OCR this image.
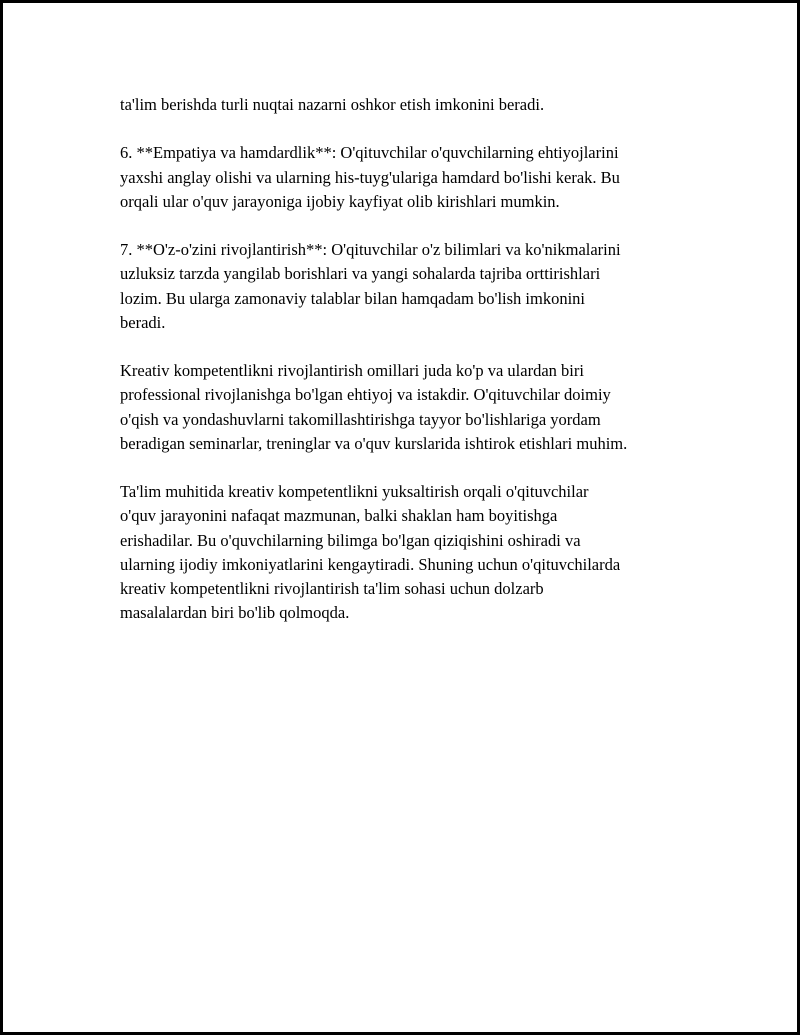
ta'lim berishda turli nuqtai nazarni oshkor etish imkonini beradi.

6. **Empatiya va hamdardlik**: O'qituvchilar o'quvchilarning ehtiyojlarini
yaxshi anglay olishi va ularning his-tuyg'ulariga hamdard bo'lishi kerak. Bu
orqali ular o'quv jarayoniga ijobiy kayfiyat olib kirishlari mumkin.

7. **O'z-o'zini rivojlantirish**: O'qituvchilar o'z bilimlari va ko'nikmalarini
uzluksiz tarzda yangilab borishlari va yangi sohalarda tajriba orttirishlari
lozim. Bu ularga zamonaviy talablar bilan hamqadam bo'lish imkonini
beradi.

Kreativ kompetentlikni rivojlantirish omillari juda ko'p va ulardan biri
professional rivojlanishga bo'lgan ehtiyoj va istakdir. O'qituvchilar doimiy
o'qish va yondashuvlarni takomillashtirishga tayyor bo'lishlariga yordam
beradigan seminarlar, treninglar va o'quv kurslarida ishtirok etishlari muhim.

Ta'lim muhitida kreativ kompetentlikni yuksaltirish orqali o'qituvchilar
o'quv jarayonini nafaqat mazmunan, balki shaklan ham boyitishga
erishadilar. Bu o'quvchilarning bilimga bo'lgan qiziqishini oshiradi va
ularning ijodiy imkoniyatlarini kengaytiradi. Shuning uchun o'qituvchilarda
kreativ kompetentlikni rivojlantirish ta'lim sohasi uchun dolzarb
masalalardan biri bo'lib qolmoqda.
